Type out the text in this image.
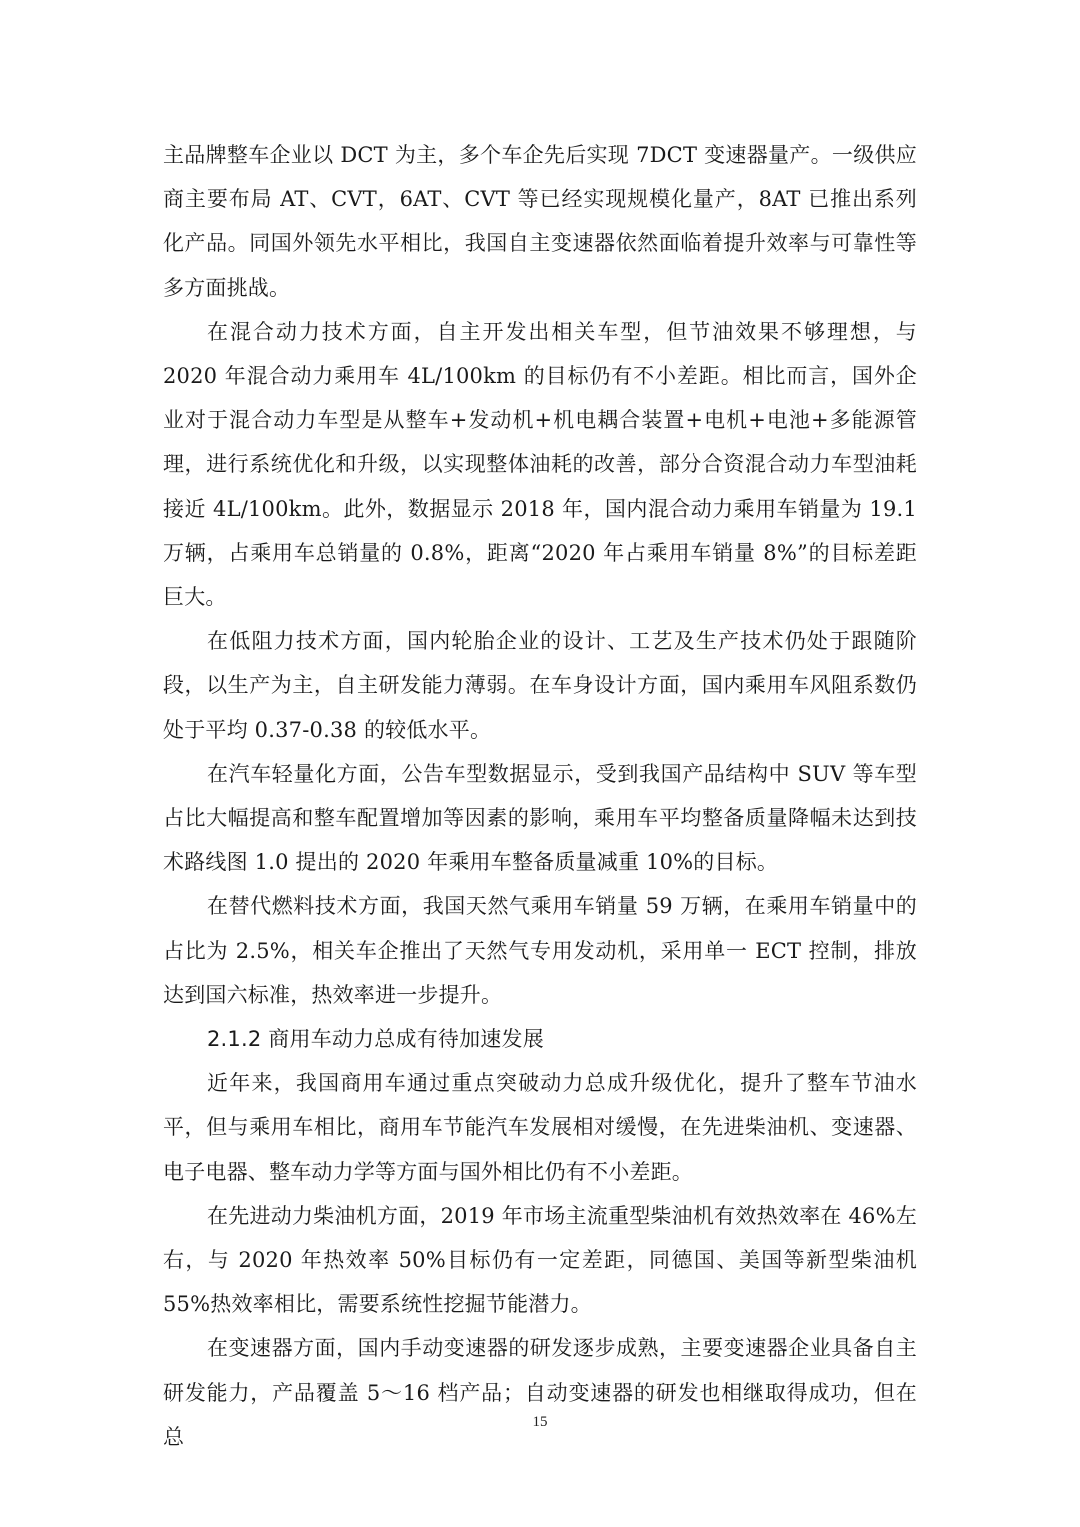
主品牌整车企业以 DCT 为主，多个车企先后实现 7DCT 变速器量产。一级供应商主要布局 AT、CVT，6AT、CVT 等已经实现规模化量产，8AT 已推出系列化产品。同国外领先水平相比，我国自主变速器依然面临着提升效率与可靠性等多方面挑战。

在混合动力技术方面，自主开发出相关车型，但节油效果不够理想，与 2020 年混合动力乘用车 4L/100km 的目标仍有不小差距。相比而言，国外企业对于混合动力车型是从整车+发动机+机电耦合装置+电机+电池+多能源管理，进行系统优化和升级，以实现整体油耗的改善，部分合资混合动力车型油耗接近 4L/100km。此外，数据显示 2018 年，国内混合动力乘用车销量为 19.1 万辆，占乘用车总销量的 0.8%，距离“2020 年占乘用车销量 8%”的目标差距巨大。

在低阻力技术方面，国内轮胎企业的设计、工艺及生产技术仍处于跟随阶段，以生产为主，自主研发能力薄弱。在车身设计方面，国内乘用车风阻系数仍处于平均 0.37-0.38 的较低水平。

在汽车轻量化方面，公告车型数据显示，受到我国产品结构中 SUV 等车型占比大幅提高和整车配置增加等因素的影响，乘用车平均整备质量降幅未达到技术路线图 1.0 提出的 2020 年乘用车整备质量减重 10%的目标。

在替代燃料技术方面，我国天然气乘用车销量 59 万辆，在乘用车销量中的占比为 2.5%，相关车企推出了天然气专用发动机，采用单一 ECT 控制，排放达到国六标准，热效率进一步提升。

2.1.2 商用车动力总成有待加速发展

近年来，我国商用车通过重点突破动力总成升级优化，提升了整车节油水平，但与乘用车相比，商用车节能汽车发展相对缓慢，在先进柴油机、变速器、电子电器、整车动力学等方面与国外相比仍有不小差距。

在先进动力柴油机方面，2019 年市场主流重型柴油机有效热效率在 46%左右，与 2020 年热效率 50%目标仍有一定差距，同德国、美国等新型柴油机 55%热效率相比，需要系统性挖掘节能潜力。

在变速器方面，国内手动变速器的研发逐步成熟，主要变速器企业具备自主研发能力，产品覆盖 5～16 档产品；自动变速器的研发也相继取得成功，但在总

15
